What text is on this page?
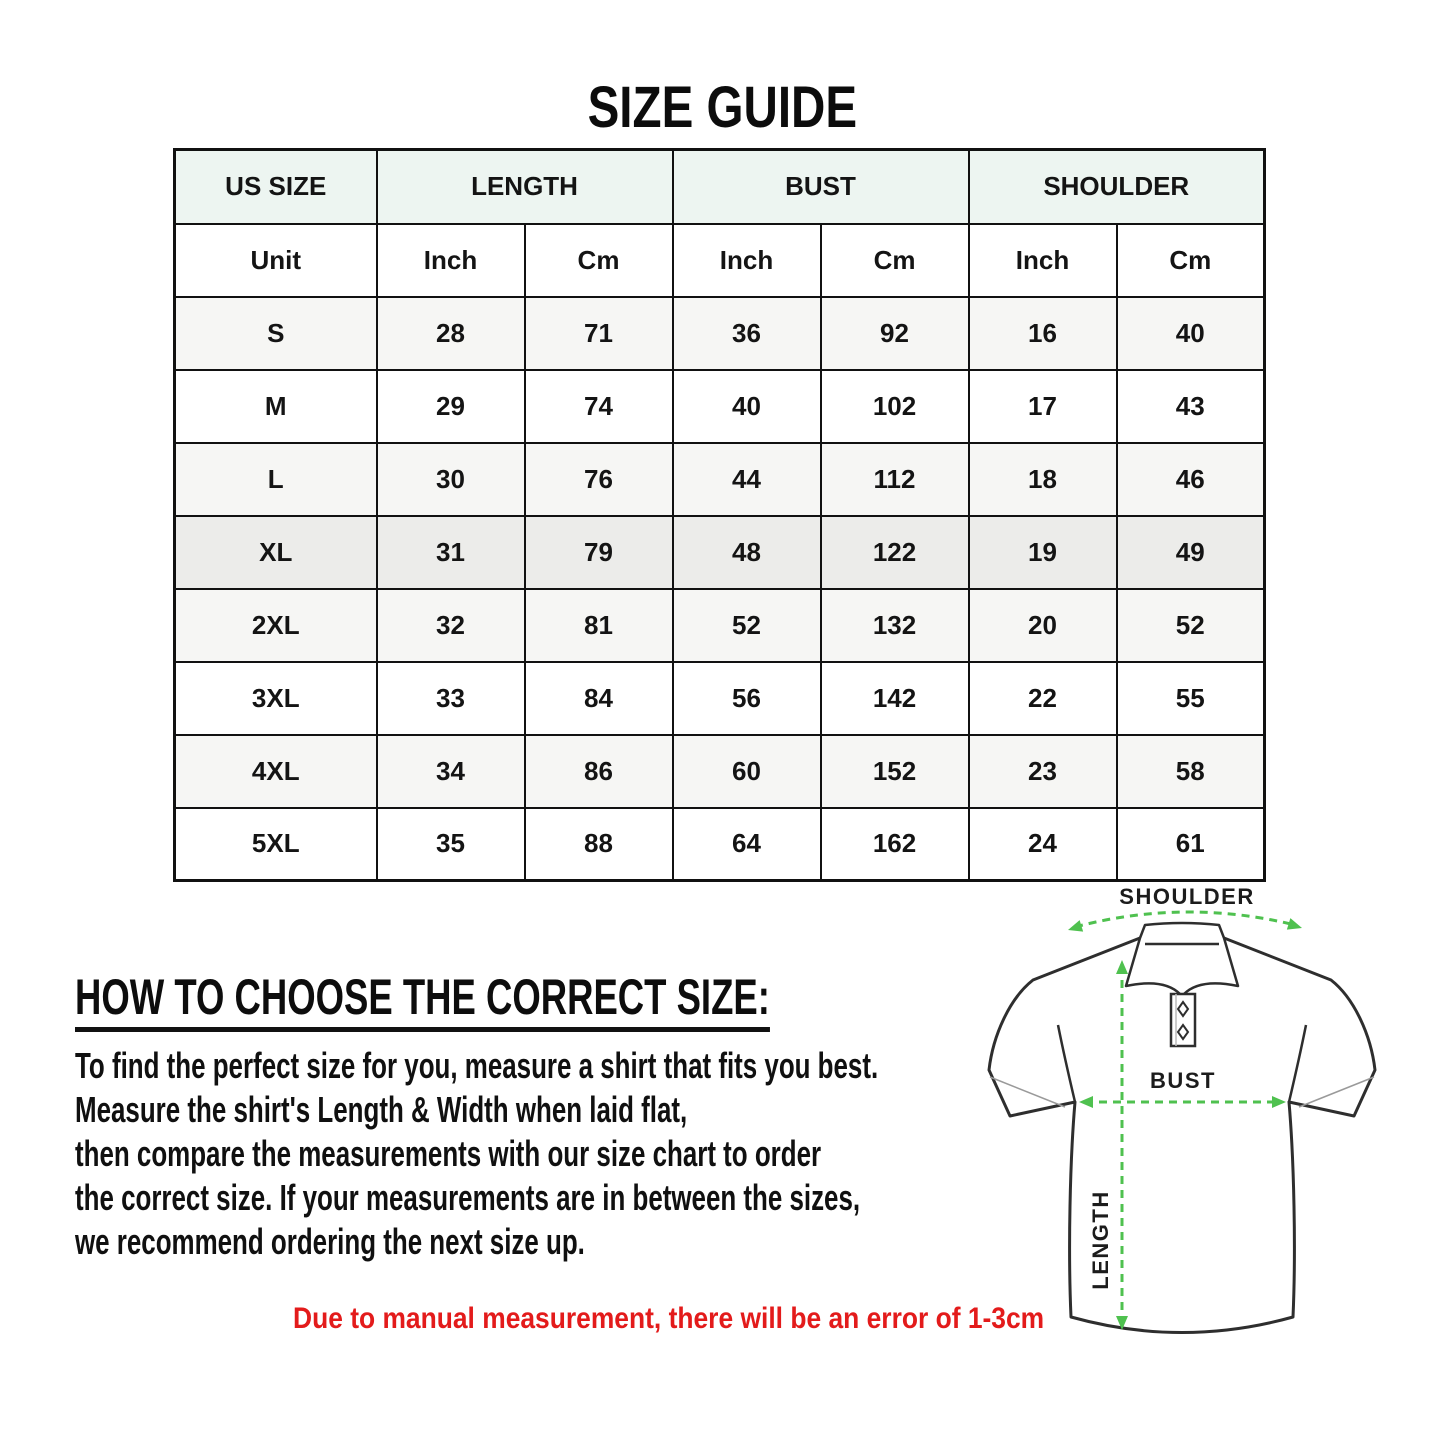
SIZE GUIDE
US SIZE	LENGTH		BUST		SHOULDER	
Unit	Inch	Cm	Inch	Cm	Inch	Cm
S	28	71	36	92	16	40
M	29	74	40	102	17	43
L	30	76	44	112	18	46
XL	31	79	48	122	19	49
2XL	32	81	52	132	20	52
3XL	33	84	56	142	22	55
4XL	34	86	60	152	23	58
5XL	35	88	64	162	24	61
HOW TO CHOOSE THE CORRECT SIZE:
To find the perfect size for you, measure a shirt that fits you best.
Measure the shirt's Length & Width when laid flat,
then compare the measurements with our size chart to order
the correct size. If your measurements are in between the sizes,
we recommend ordering the next size up.
Due to manual measurement, there will be an error of 1-3cm
SHOULDER
BUST
LENGTH
